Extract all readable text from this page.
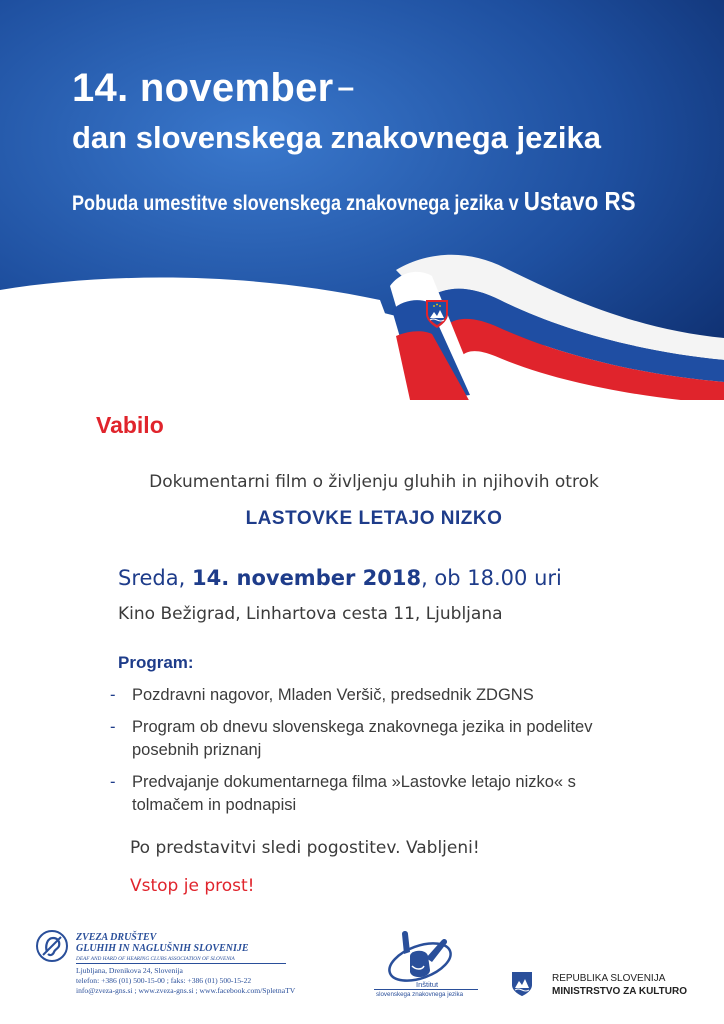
14. november –
dan slovenskega znakovnega jezika
Pobuda umestitve slovenskega znakovnega jezika v Ustavo RS
Vabilo
Dokumentarni film o življenju gluhih in njihovih otrok
LASTOVKE LETAJO NIZKO
Sreda, 14. november 2018, ob 18.00 uri
Kino Bežigrad, Linhartova cesta 11, Ljubljana
Program:
- Pozdravni nagovor, Mladen Veršič, predsednik ZDGNS
- Program ob dnevu slovenskega znakovnega jezika in podelitev posebnih priznanj
- Predvajanje dokumentarnega filma »Lastovke letajo nizko« s tolmačem in podnapisi
Po predstavitvi sledi pogostitev. Vabljeni!
Vstop je prost!
ZVEZA DRUŠTEV
GLUHIH IN NAGLUŠNIH SLOVENIJE
DEAF AND HARD OF HEARING CLUBS ASSOCIATION OF SLOVENIA
Ljubljana, Drenikova 24, Slovenija
telefon: +386 (01) 500-15-00 ; faks: +386 (01) 500-15-22
info@zveza-gns.si ; www.zveza-gns.si ; www.facebook.com/SpletnaTV
Inštitut
slovenskega znakovnega jezika
REPUBLIKA SLOVENIJA
MINISTRSTVO ZA KULTURO
